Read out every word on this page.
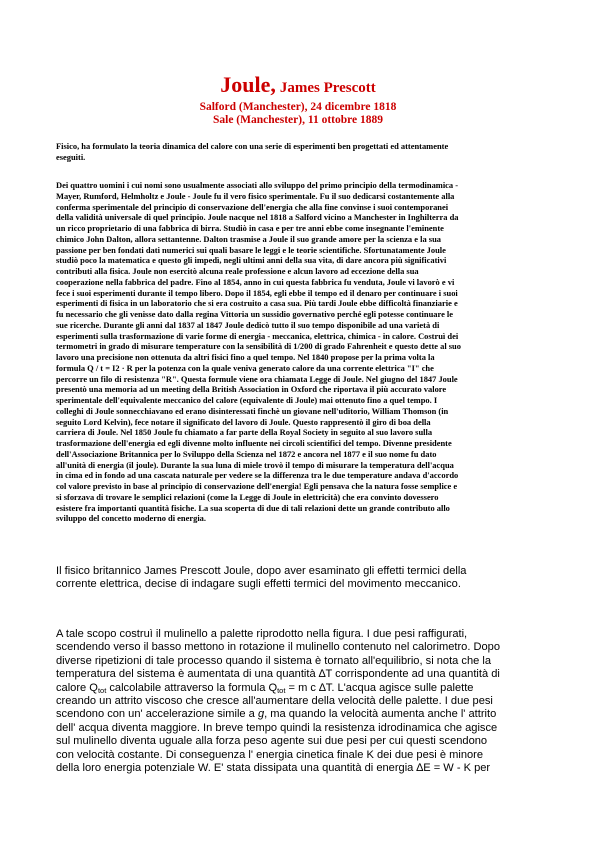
Joule, James Prescott
Salford (Manchester), 24 dicembre 1818
Sale (Manchester), 11 ottobre 1889
Fisico, ha formulato la teoria dinamica del calore con una serie di esperimenti ben progettati ed attentamente
eseguiti.
Dei quattro uomini i cui nomi sono usualmente associati allo sviluppo del primo principio della termodinamica -
Mayer, Rumford, Helmholtz e Joule - Joule fu il vero fisico sperimentale. Fu il suo dedicarsi costantemente alla
conferma sperimentale del principio di conservazione dell'energia che alla fine convinse i suoi contemporanei
della validità universale di quel principio. Joule nacque nel 1818 a Salford vicino a Manchester in Inghilterra da
un ricco proprietario di una fabbrica di birra. Studiò in casa e per tre anni ebbe come insegnante l'eminente
chimico John Dalton, allora settantenne. Dalton trasmise a Joule il suo grande amore per la scienza e la sua
passione per ben fondati dati numerici sui quali basare le leggi e le teorie scientifiche. Sfortunatamente Joule
studiò poco la matematica e questo gli impedì, negli ultimi anni della sua vita, di dare ancora più significativi
contributi alla fisica. Joule non esercitò alcuna reale professione e alcun lavoro ad eccezione della sua
cooperazione nella fabbrica del padre. Fino al 1854, anno in cui questa fabbrica fu venduta, Joule vi lavorò e vi
fece i suoi esperimenti durante il tempo libero. Dopo il 1854, egli ebbe il tempo ed il denaro per continuare i suoi
esperimenti di fisica in un laboratorio che si era costruito a casa sua. Più tardi Joule ebbe difficoltà finanziarie e
fu necessario che gli venisse dato dalla regina Vittoria un sussidio governativo perché egli potesse continuare le
sue ricerche. Durante gli anni dal 1837 al 1847 Joule dedicò tutto il suo tempo disponibile ad una varietà di
esperimenti sulla trasformazione di varie forme di energia - meccanica, elettrica, chimica - in calore. Costruì dei
termometri in grado di misurare temperature con la sensibilità di 1/200 di grado Fahrenheit e questo dette al suo
lavoro una precisione non ottenuta da altri fisici fino a quel tempo. Nel 1840 propose per la prima volta la
formula Q / t = I2 · R per la potenza con la quale veniva generato calore da una corrente elettrica "I" che
percorre un filo di resistenza "R". Questa formule viene ora chiamata Legge di Joule. Nel giugno del 1847 Joule
presentò una memoria ad un meeting della British Association in Oxford che riportava il più accurato valore
sperimentale dell'equivalente meccanico del calore (equivalente di Joule) mai ottenuto fino a quel tempo. I
colleghi di Joule sonnecchiavano ed erano disinteressati finchè un giovane nell'uditorio, William Thomson (in
seguito Lord Kelvin), fece notare il significato del lavoro di Joule. Questo rappresentò il giro di boa della
carriera di Joule. Nel 1850 Joule fu chiamato a far parte della Royal Society in seguito al suo lavoro sulla
trasformazione dell'energia ed egli divenne molto influente nei circoli scientifici del tempo. Divenne presidente
dell'Associazione Britannica per lo Sviluppo della Scienza nel 1872 e ancora nel 1877 e il suo nome fu dato
all'unità di energia (il joule). Durante la sua luna di miele trovò il tempo di misurare la temperatura dell'acqua
in cima ed in fondo ad una cascata naturale per vedere se la differenza tra le due temperature andava d'accordo
col valore previsto in base al principio di conservazione dell'energia! Egli pensava che la natura fosse semplice e
si sforzava di trovare le semplici relazioni (come la Legge di Joule in elettricità) che era convinto dovessero
esistere fra importanti quantità fisiche. La sua scoperta di due di tali relazioni dette un grande contributo allo
sviluppo del concetto moderno di energia.
Il fisico britannico James Prescott Joule, dopo aver esaminato gli effetti termici della
corrente elettrica, decise di indagare sugli effetti termici del movimento meccanico.
A tale scopo costruì il mulinello a palette riprodotto nella figura. I due pesi raffigurati,
scendendo verso il basso mettono in rotazione il mulinello contenuto nel calorimetro. Dopo
diverse ripetizioni di tale processo quando il sistema è tornato all'equilibrio, si nota che la
temperatura del sistema è aumentata di una quantità ∆T corrispondente ad una quantità di
calore $Q_{tot}$ calcolabile attraverso la formula $Q_{tot} = m$ c ∆T. L'acqua agisce sulle palette
creando un attrito viscoso che cresce all'aumentare della velocità delle palette. I due pesi
scendono con un' accelerazione simile a g, ma quando la velocità aumenta anche l' attrito
dell' acqua diventa maggiore. In breve tempo quindi la resistenza idrodinamica che agisce
sul mulinello diventa uguale alla forza peso agente sui due pesi per cui questi scendono
con velocità costante. Di conseguenza l' energia cinetica finale K dei due pesi è minore
della loro energia potenziale W. E' stata dissipata una quantità di energia ∆E = W - K per
